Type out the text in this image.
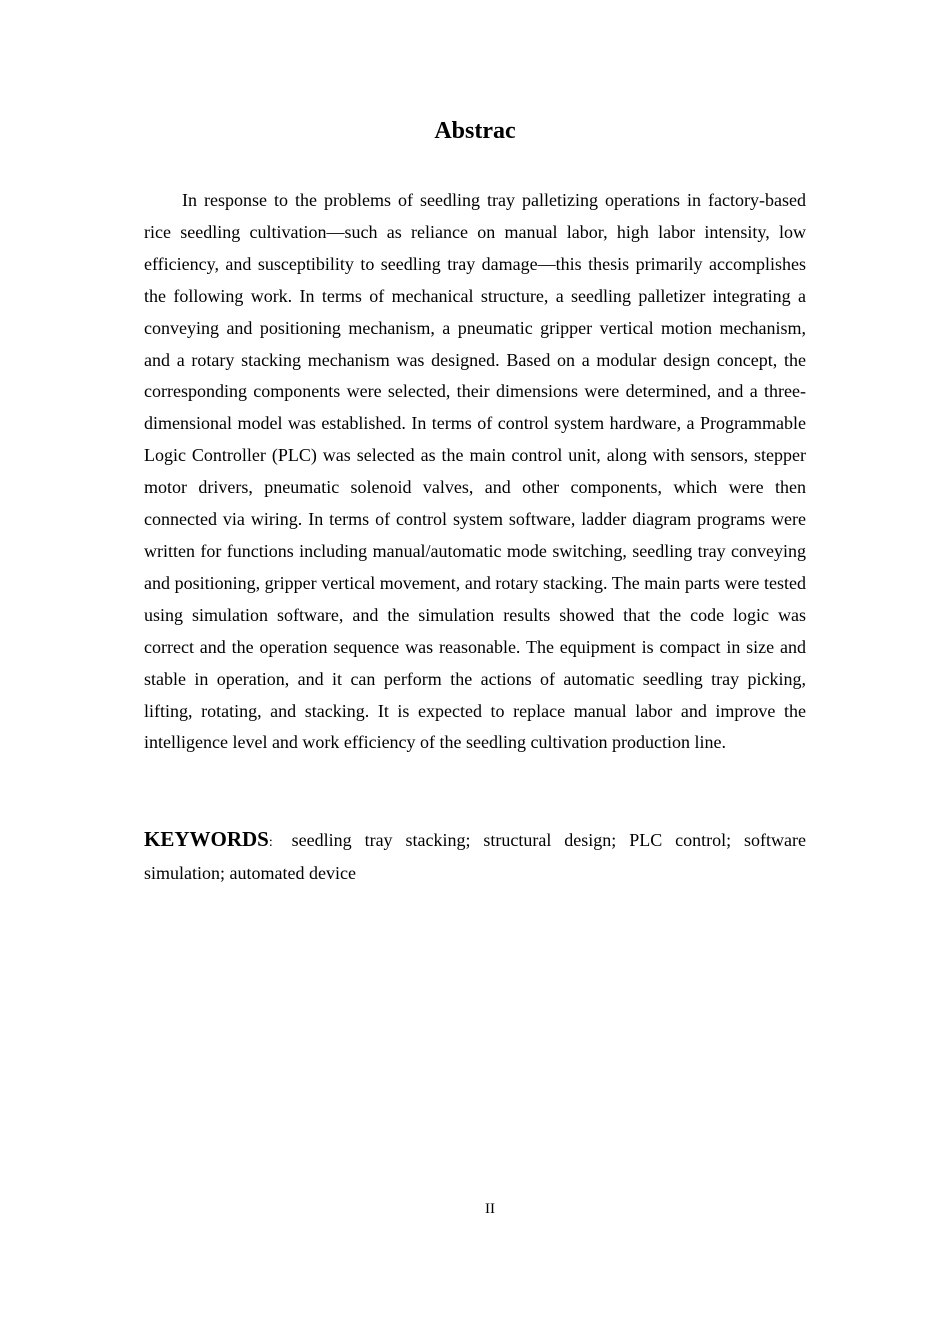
Abstrac

In response to the problems of seedling tray palletizing operations in factory-based rice seedling cultivation—such as reliance on manual labor, high labor intensity, low efficiency, and susceptibility to seedling tray damage—this thesis primarily accomplishes the following work. In terms of mechanical structure, a seedling palletizer integrating a conveying and positioning mechanism, a pneumatic gripper vertical motion mechanism, and a rotary stacking mechanism was designed. Based on a modular design concept, the corresponding components were selected, their dimensions were determined, and a three-dimensional model was established. In terms of control system hardware, a Programmable Logic Controller (PLC) was selected as the main control unit, along with sensors, stepper motor drivers, pneumatic solenoid valves, and other components, which were then connected via wiring. In terms of control system software, ladder diagram programs were written for functions including manual/automatic mode switching, seedling tray conveying and positioning, gripper vertical movement, and rotary stacking. The main parts were tested using simulation software, and the simulation results showed that the code logic was correct and the operation sequence was reasonable. The equipment is compact in size and stable in operation, and it can perform the actions of automatic seedling tray picking, lifting, rotating, and stacking. It is expected to replace manual labor and improve the intelligence level and work efficiency of the seedling cultivation production line.

KEYWORDS: seedling tray stacking; structural design; PLC control; software simulation; automated device

II
